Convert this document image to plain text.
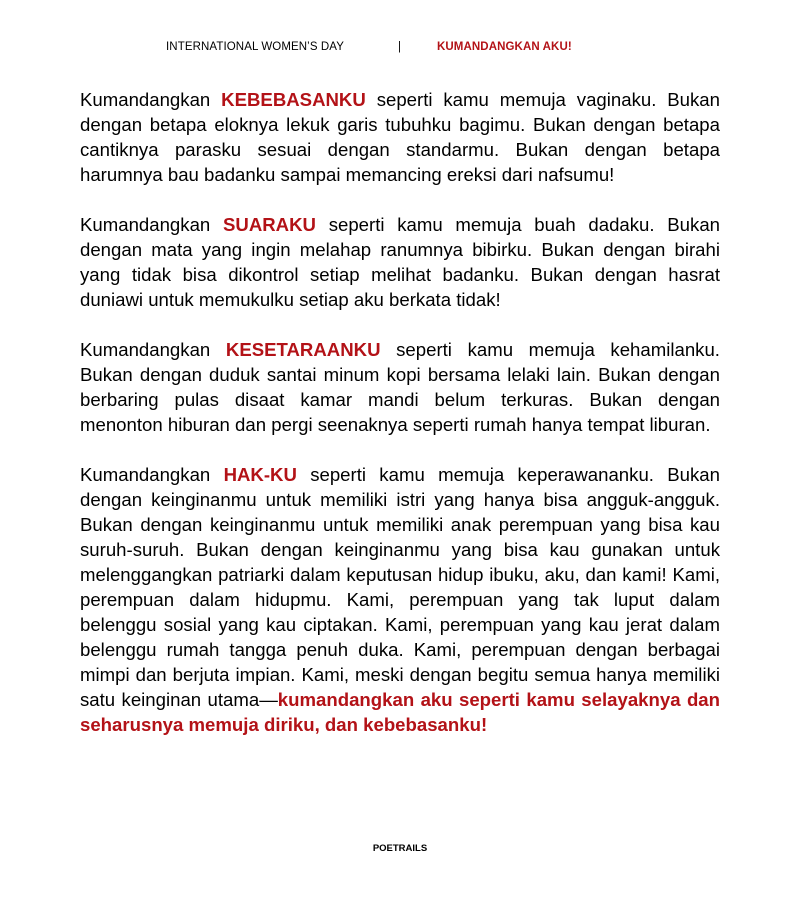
INTERNATIONAL WOMEN’S DAY	|	KUMANDANGKAN AKU!

Kumandangkan KEBEBASANKU seperti kamu memuja vaginaku. Bukan dengan betapa eloknya lekuk garis tubuhku bagimu. Bukan dengan betapa cantiknya parasku sesuai dengan standarmu. Bukan dengan betapa harumnya bau badanku sampai memancing ereksi dari nafsumu!

Kumandangkan SUARAKU seperti kamu memuja buah dadaku. Bukan dengan mata yang ingin melahap ranumnya bibirku. Bukan dengan birahi yang tidak bisa dikontrol setiap melihat badanku. Bukan dengan hasrat duniawi untuk memukulku setiap aku berkata tidak!

Kumandangkan KESETARAANKU seperti kamu memuja kehamilanku. Bukan dengan duduk santai minum kopi bersama lelaki lain. Bukan dengan berbaring pulas disaat kamar mandi belum terkuras. Bukan dengan menonton hiburan dan pergi seenaknya seperti rumah hanya tempat liburan.

Kumandangkan HAK-KU seperti kamu memuja keperawananku. Bukan dengan keinginanmu untuk memiliki istri yang hanya bisa angguk-angguk. Bukan dengan keinginanmu untuk memiliki anak perempuan yang bisa kau suruh-suruh. Bukan dengan keinginanmu yang bisa kau gunakan untuk melenggangkan patriarki dalam keputusan hidup ibuku, aku, dan kami! Kami, perempuan dalam hidupmu. Kami, perempuan yang tak luput dalam belenggu sosial yang kau ciptakan. Kami, perempuan yang kau jerat dalam belenggu rumah tangga penuh duka. Kami, perempuan dengan berbagai mimpi dan berjuta impian. Kami, meski dengan begitu semua hanya memiliki satu keinginan utama—kumandangkan aku seperti kamu selayaknya dan seharusnya memuja diriku, dan kebebasanku!

POETRAILS
